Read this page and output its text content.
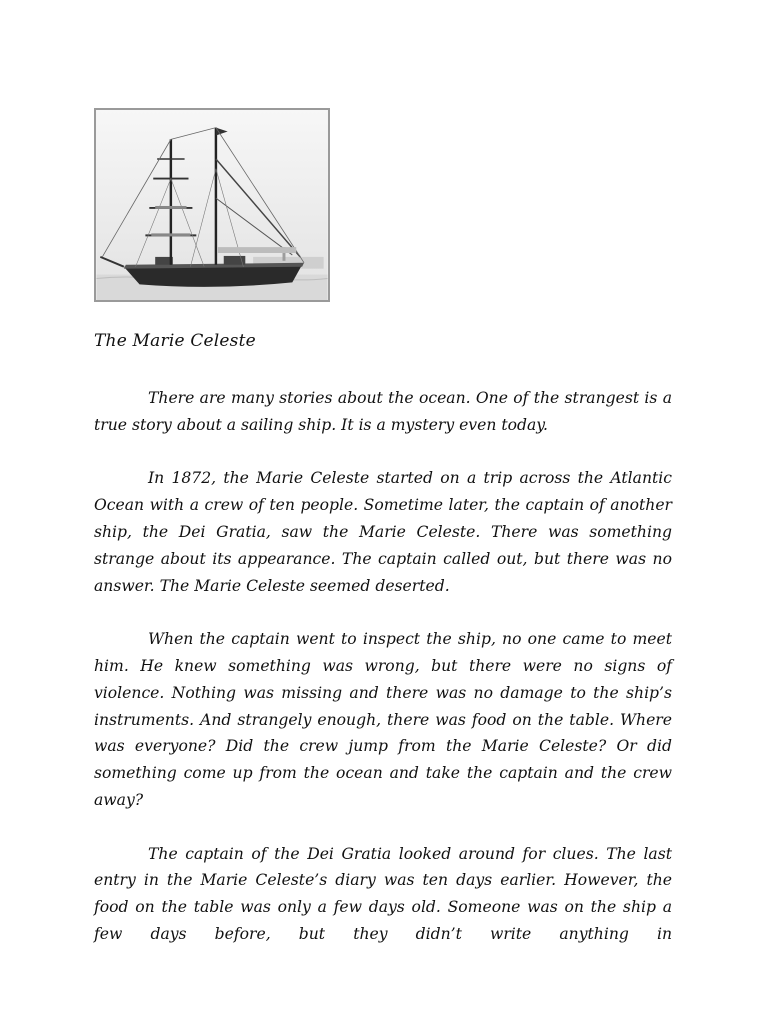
The Marie Celeste

There are many stories about the ocean. One of the strangest is a true story about a sailing ship. It is a mystery even today.

In 1872, the Marie Celeste started on a trip across the Atlantic Ocean with a crew of ten people. Sometime later, the captain of another ship, the Dei Gratia, saw the Marie Celeste. There was something strange about its appearance. The captain called out, but there was no answer. The Marie Celeste seemed deserted.

When the captain went to inspect the ship, no one came to meet him. He knew something was wrong, but there were no signs of violence. Nothing was missing and there was no damage to the ship’s instruments. And strangely enough, there was food on the table. Where was everyone? Did the crew jump from the Marie Celeste? Or did something come up from the ocean and take the captain and the crew away?

The captain of the Dei Gratia looked around for clues. The last entry in the Marie Celeste’s diary was ten days earlier. However, the food on the table was only a few days old. Someone was on the ship a few days before, but they didn’t write anything in
